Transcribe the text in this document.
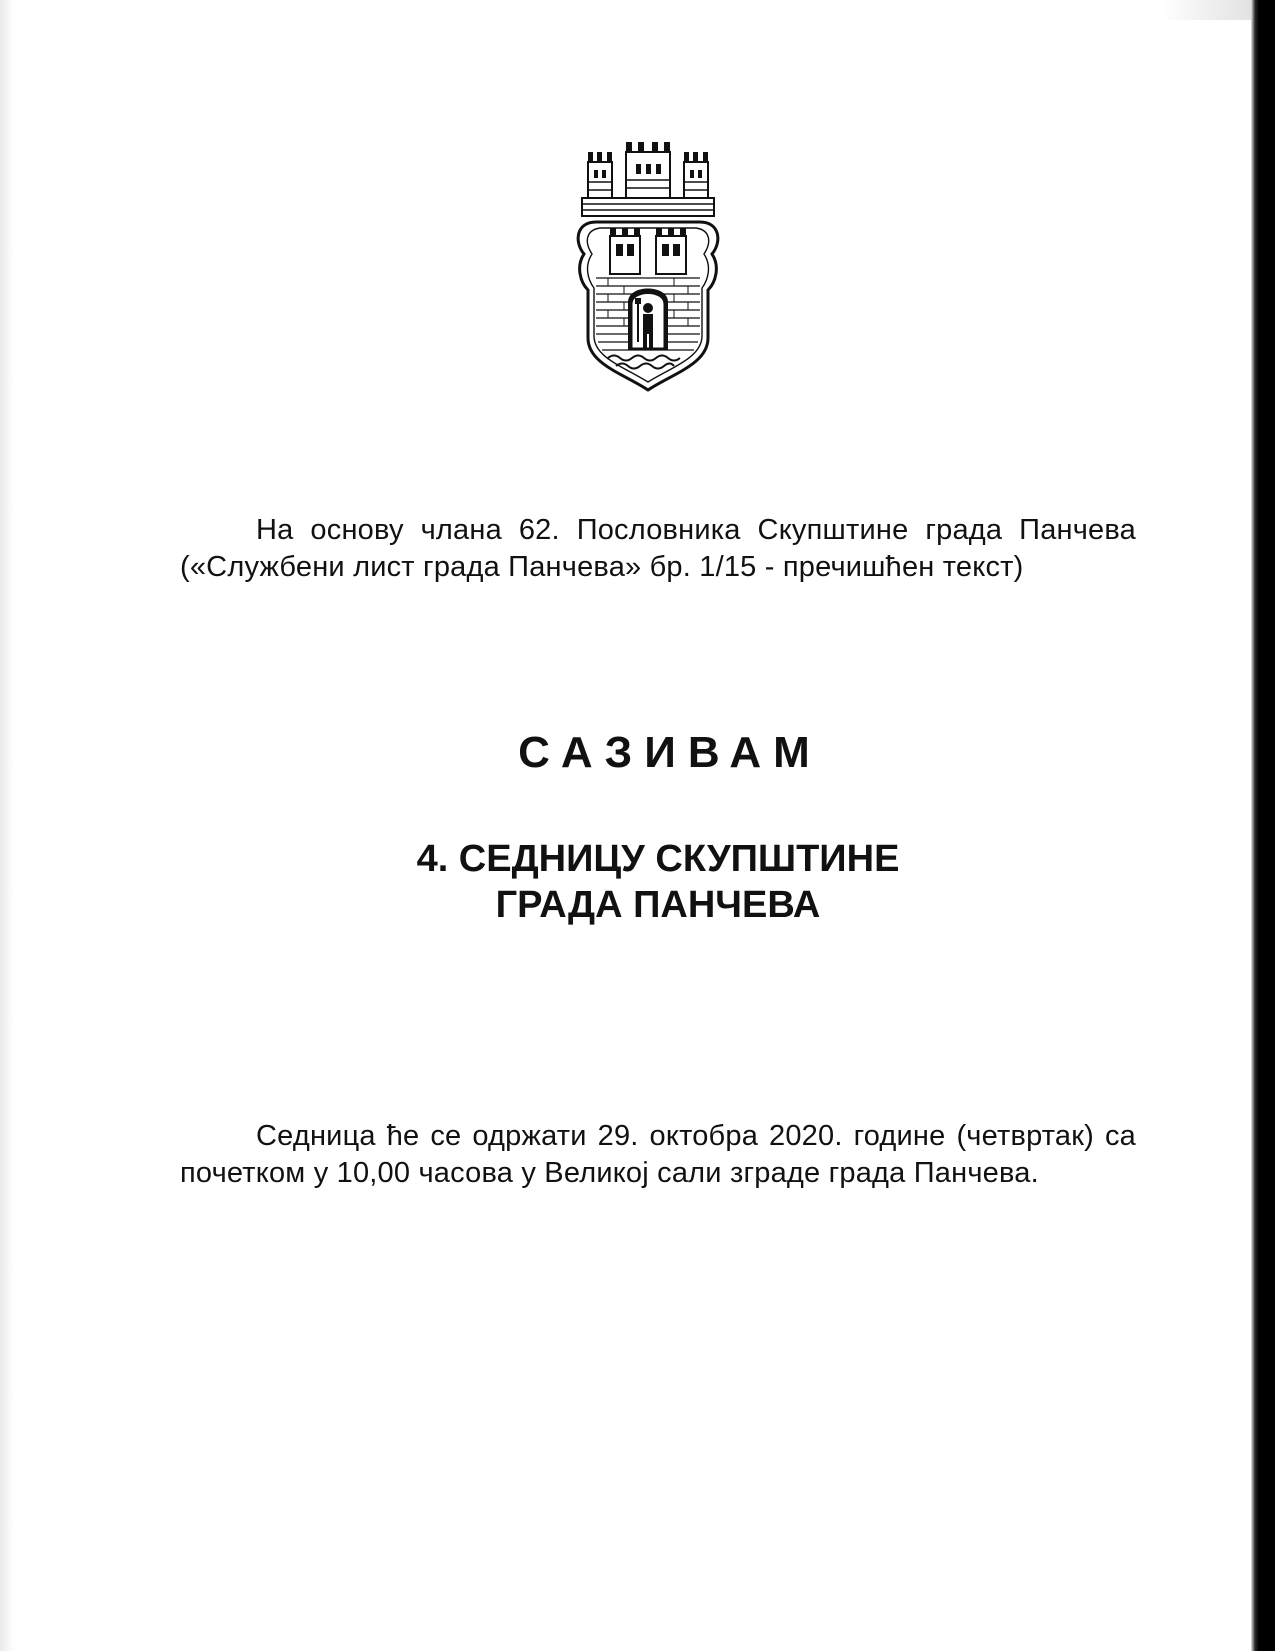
На основу члана 62. Пословника Скупштине града Панчева («Службени лист града Панчева» бр. 1/15 - пречишћен текст)

САЗИВАМ
4. СЕДНИЦУ СКУПШТИНЕ
ГРАДА ПАНЧЕВА

Седница ће се одржати 29. октобра 2020. године (четвртак) са почетком у 10,00 часова у Великој сали зграде града Панчева.
